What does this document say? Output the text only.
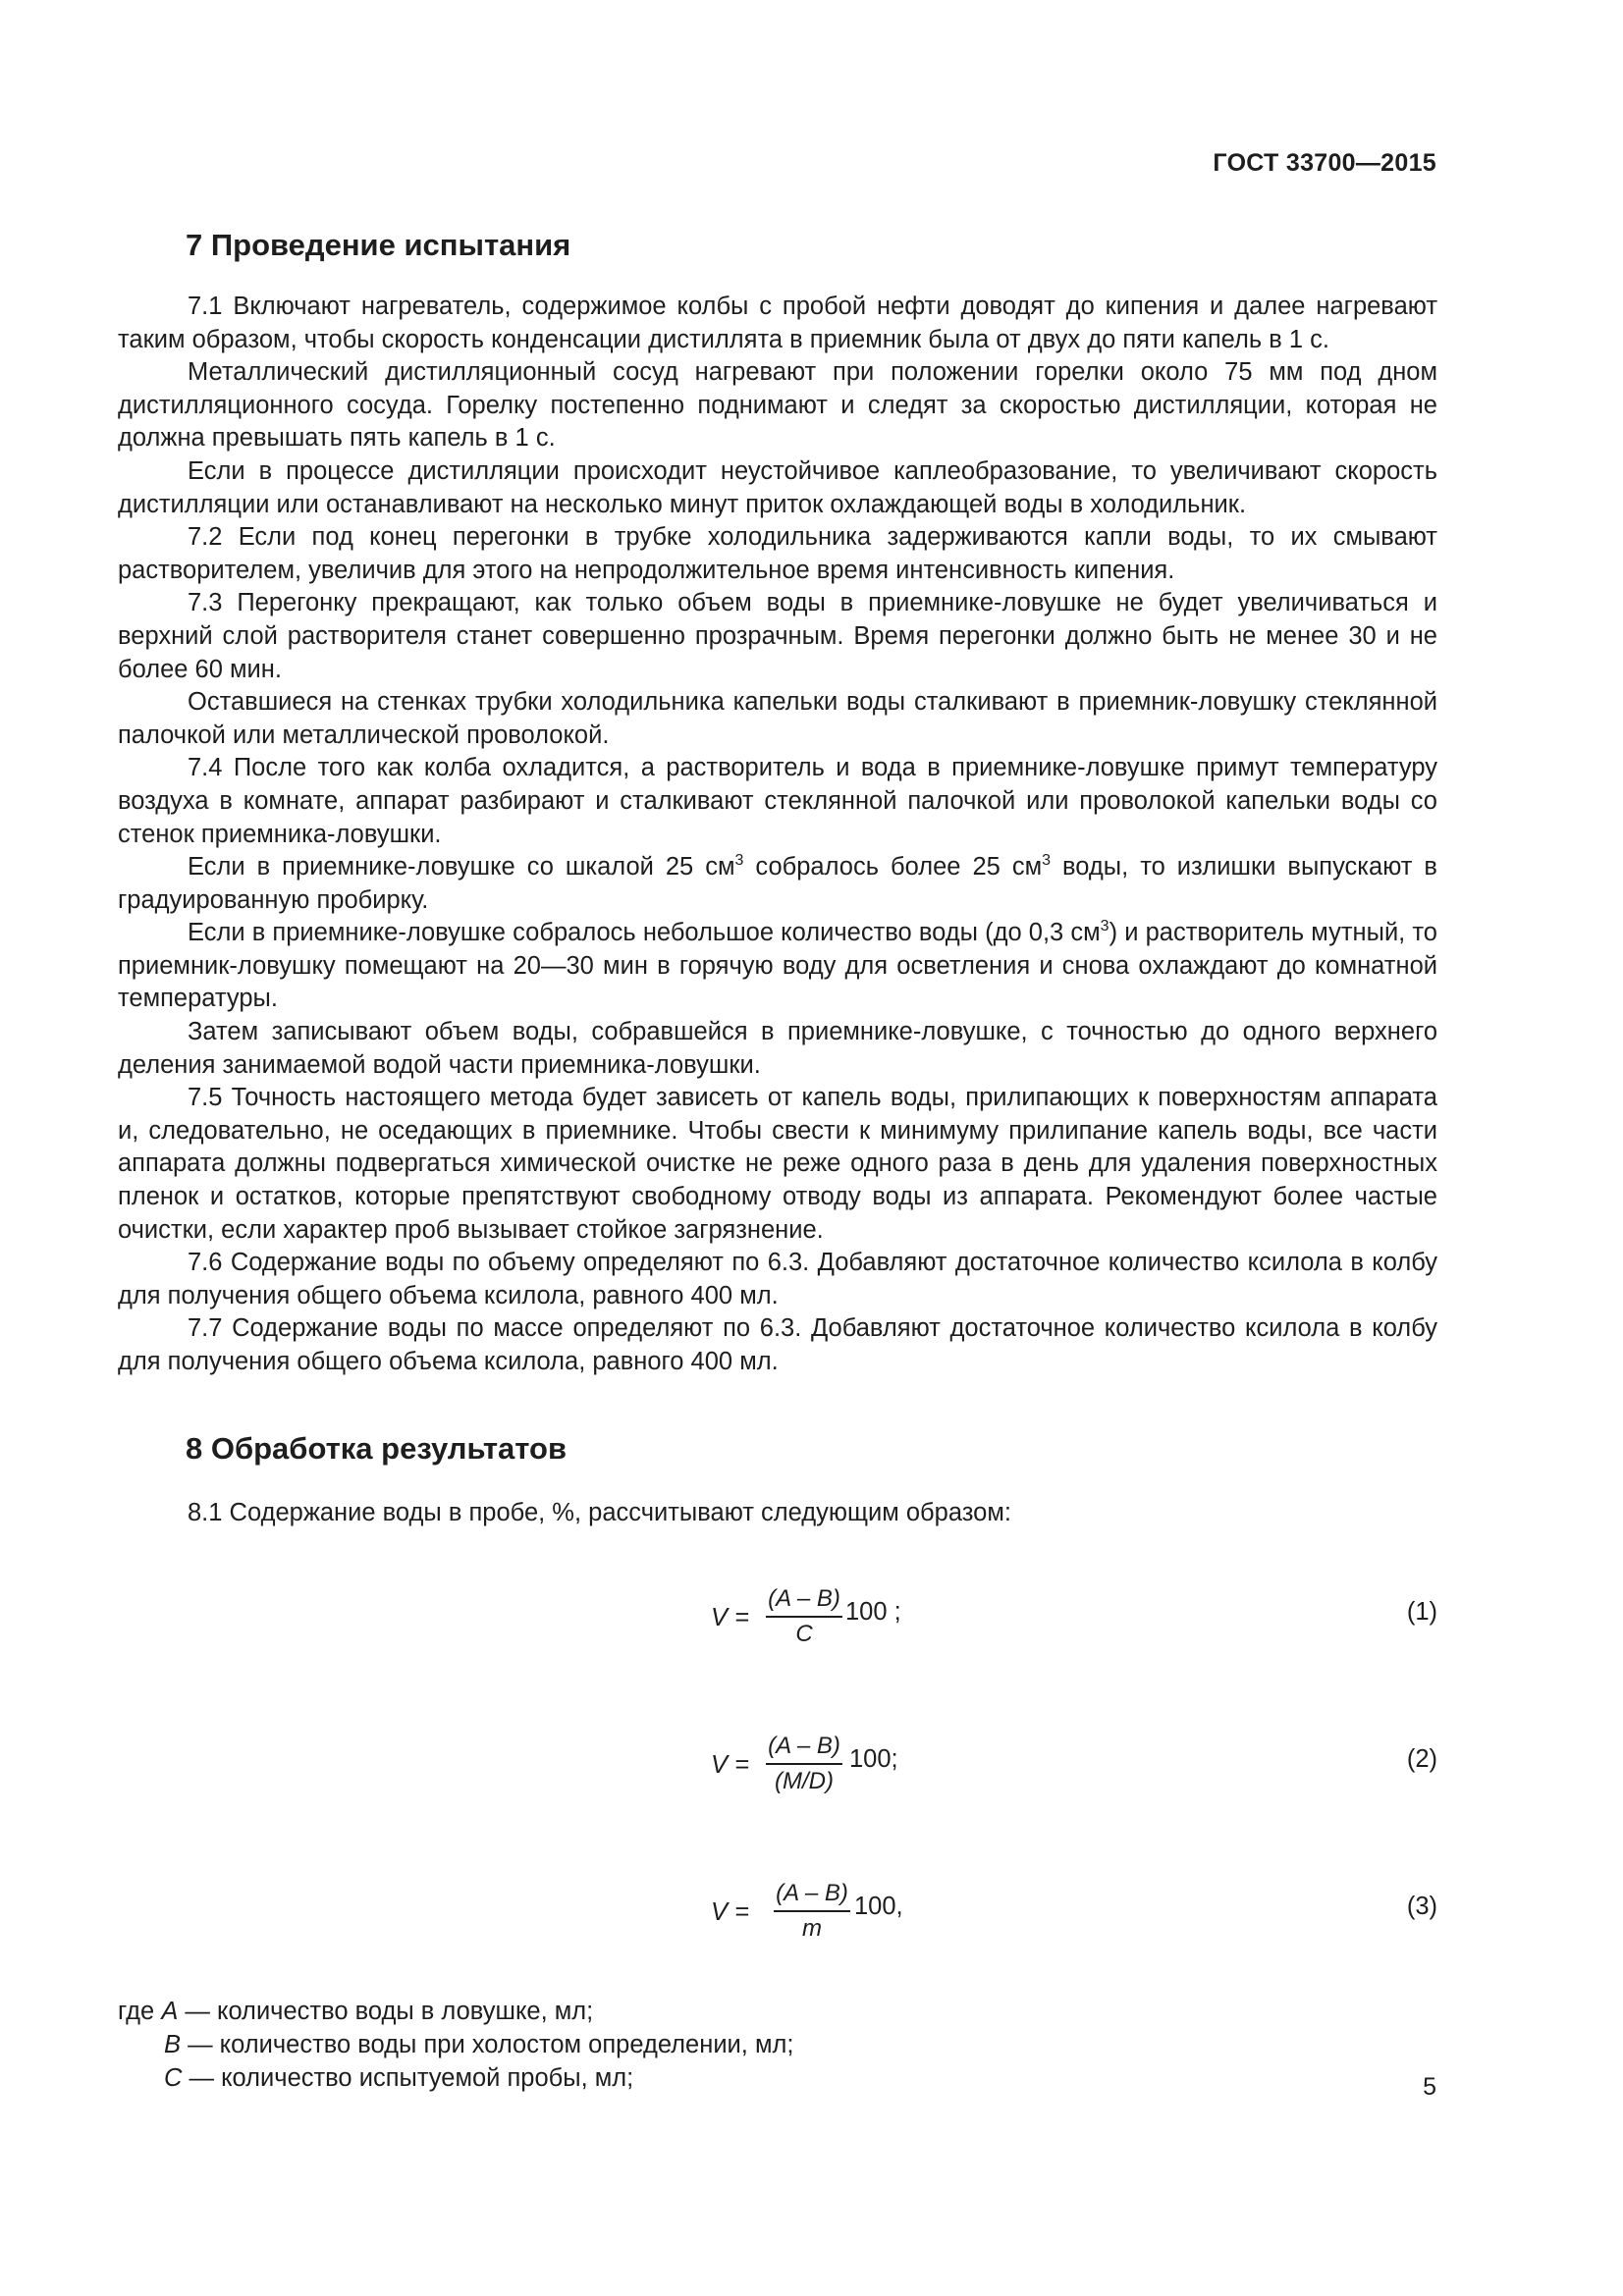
ГОСТ 33700—2015
7 Проведение испытания

7.1 Включают нагреватель, содержимое колбы с пробой нефти доводят до кипения и далее нагревают таким образом, чтобы скорость конденсации дистиллята в приемник была от двух до пяти капель в 1 с.

Металлический дистилляционный сосуд нагревают при положении горелки около 75 мм под дном дистилляционного сосуда. Горелку постепенно поднимают и следят за скоростью дистилляции, которая не должна превышать пять капель в 1 с.

Если в процессе дистилляции происходит неустойчивое каплеобразование, то увеличивают скорость дистилляции или останавливают на несколько минут приток охлаждающей воды в холодильник.

7.2 Если под конец перегонки в трубке холодильника задерживаются капли воды, то их смывают растворителем, увеличив для этого на непродолжительное время интенсивность кипения.

7.3 Перегонку прекращают, как только объем воды в приемнике-ловушке не будет увеличиваться и верхний слой растворителя станет совершенно прозрачным. Время перегонки должно быть не менее 30 и не более 60 мин.

Оставшиеся на стенках трубки холодильника капельки воды сталкивают в приемник-ловушку стеклянной палочкой или металлической проволокой.

7.4 После того как колба охладится, а растворитель и вода в приемнике-ловушке примут температуру воздуха в комнате, аппарат разбирают и сталкивают стеклянной палочкой или проволокой капельки воды со стенок приемника-ловушки.

Если в приемнике-ловушке со шкалой 25 $см^3$ собралось более 25 $см^3$ воды, то излишки выпускают в градуированную пробирку.

Если в приемнике-ловушке собралось небольшое количество воды (до 0,3 $см^3$) и растворитель мутный, то приемник-ловушку помещают на 20—30 мин в горячую воду для осветления и снова охлаждают до комнатной температуры.

Затем записывают объем воды, собравшейся в приемнике-ловушке, с точностью до одного верхнего деления занимаемой водой части приемника-ловушки.

7.5 Точность настоящего метода будет зависеть от капель воды, прилипающих к поверхностям аппарата и, следовательно, не оседающих в приемнике. Чтобы свести к минимуму прилипание капель воды, все части аппарата должны подвергаться химической очистке не реже одного раза в день для удаления поверхностных пленок и остатков, которые препятствуют свободному отводу воды из аппарата. Рекомендуют более частые очистки, если характер проб вызывает стойкое загрязнение.

7.6 Содержание воды по объему определяют по 6.3. Добавляют достаточное количество ксилола в колбу для получения общего объема ксилола, равного 400 мл.

7.7 Содержание воды по массе определяют по 6.3. Добавляют достаточное количество ксилола в колбу для получения общего объема ксилола, равного 400 мл.

8 Обработка результатов

8.1 Содержание воды в пробе, %, рассчитывают следующим образом:

V =
(A – B)
C
100 ;	(1)
V =
(A – B)
(M/D)
100;	(2)
V =
(A – B)
m
100,	(3)
где A — количество воды в ловушке, мл;
B — количество воды при холостом определении, мл;
C — количество испытуемой пробы, мл;	5
